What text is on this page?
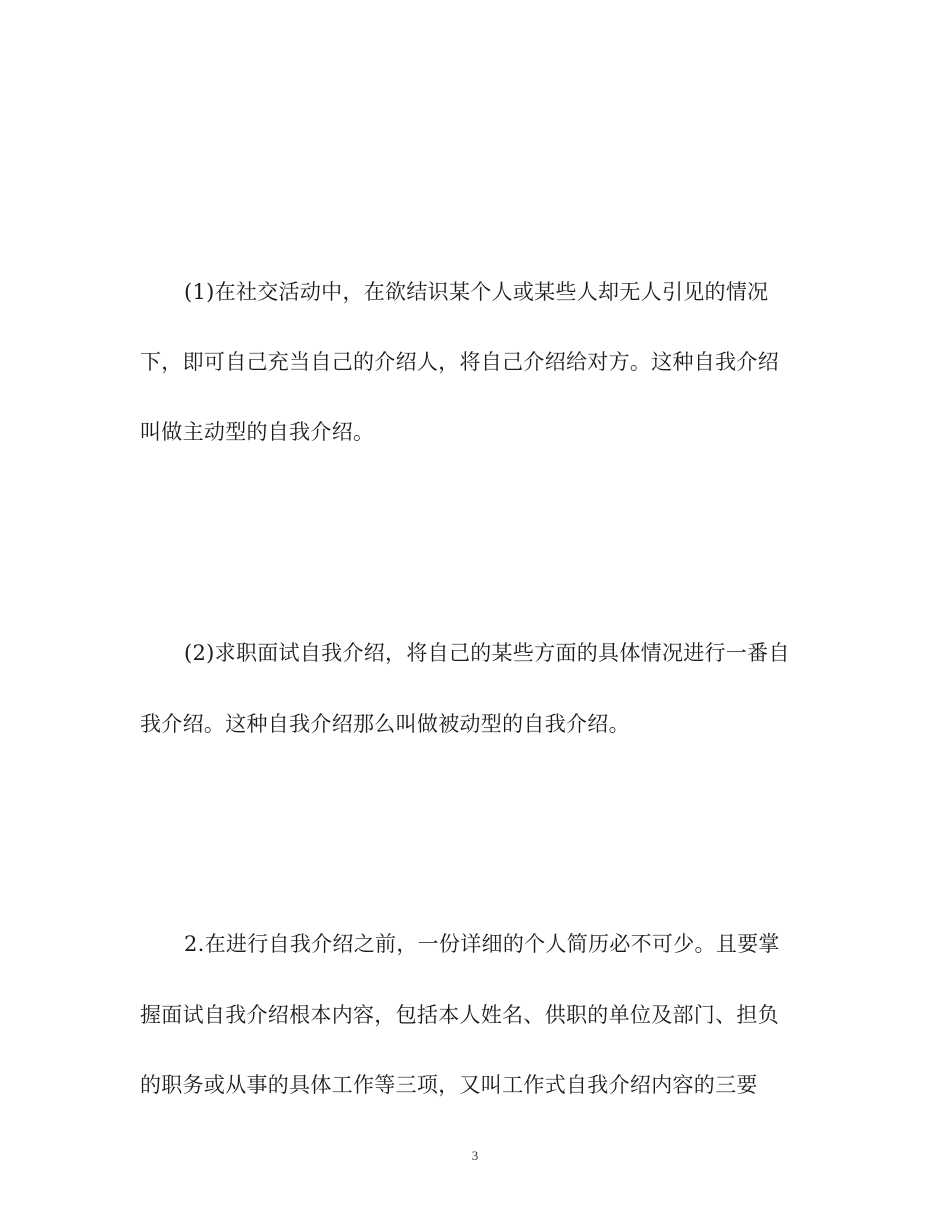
(1)在社交活动中，在欲结识某个人或某些人却无人引见的情况
下，即可自己充当自己的介绍人，将自己介绍给对方。这种自我介绍
叫做主动型的自我介绍。
(2)求职面试自我介绍，将自己的某些方面的具体情况进行一番自
我介绍。这种自我介绍那么叫做被动型的自我介绍。
2.在进行自我介绍之前，一份详细的个人简历必不可少。且要掌
握面试自我介绍根本内容，包括本人姓名、供职的单位及部门、担负
的职务或从事的具体工作等三项，又叫工作式自我介绍内容的三要
3
